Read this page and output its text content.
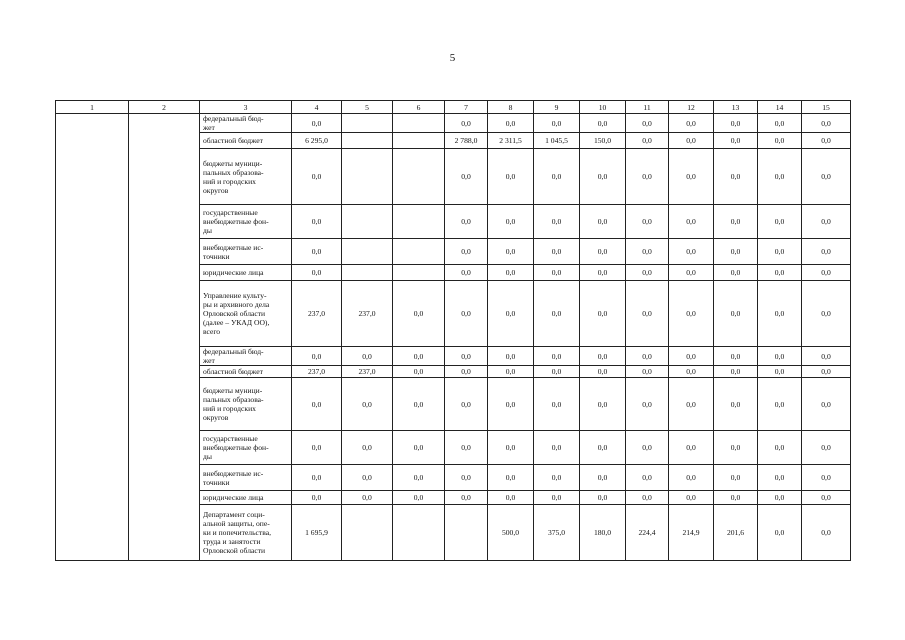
5
1	2	3	4	5	6	7	8	9	10	11	12	13	14	15
		федеральный бюд-
жет	0,0			0,0	0,0	0,0	0,0	0,0	0,0	0,0	0,0	0,0
		областной бюджет	6 295,0			2 788,0	2 311,5	1 045,5	150,0	0,0	0,0	0,0	0,0	0,0
		бюджеты муници-
пальных образова-
ний и городских
округов	0,0			0,0	0,0	0,0	0,0	0,0	0,0	0,0	0,0	0,0
		государственные
внебюджетные фон-
ды	0,0			0,0	0,0	0,0	0,0	0,0	0,0	0,0	0,0	0,0
		внебюджетные ис-
точники	0,0			0,0	0,0	0,0	0,0	0,0	0,0	0,0	0,0	0,0
		юридические лица	0,0			0,0	0,0	0,0	0,0	0,0	0,0	0,0	0,0	0,0
		Управление культу-
ры и архивного дела
Орловской области
(далее – УКАД ОО),
всего	237,0	237,0	0,0	0,0	0,0	0,0	0,0	0,0	0,0	0,0	0,0	0,0
		федеральный бюд-
жет	0,0	0,0	0,0	0,0	0,0	0,0	0,0	0,0	0,0	0,0	0,0	0,0
		областной бюджет	237,0	237,0	0,0	0,0	0,0	0,0	0,0	0,0	0,0	0,0	0,0	0,0
		бюджеты муници-
пальных образова-
ний и городских
округов	0,0	0,0	0,0	0,0	0,0	0,0	0,0	0,0	0,0	0,0	0,0	0,0
		государственные
внебюджетные фон-
ды	0,0	0,0	0,0	0,0	0,0	0,0	0,0	0,0	0,0	0,0	0,0	0,0
		внебюджетные ис-
точники	0,0	0,0	0,0	0,0	0,0	0,0	0,0	0,0	0,0	0,0	0,0	0,0
		юридические лица	0,0	0,0	0,0	0,0	0,0	0,0	0,0	0,0	0,0	0,0	0,0	0,0
		Департамент соци-
альной защиты, опе-
ки и попечительства,
труда и занятости
Орловской области	1 695,9				500,0	375,0	180,0	224,4	214,9	201,6	0,0	0,0
